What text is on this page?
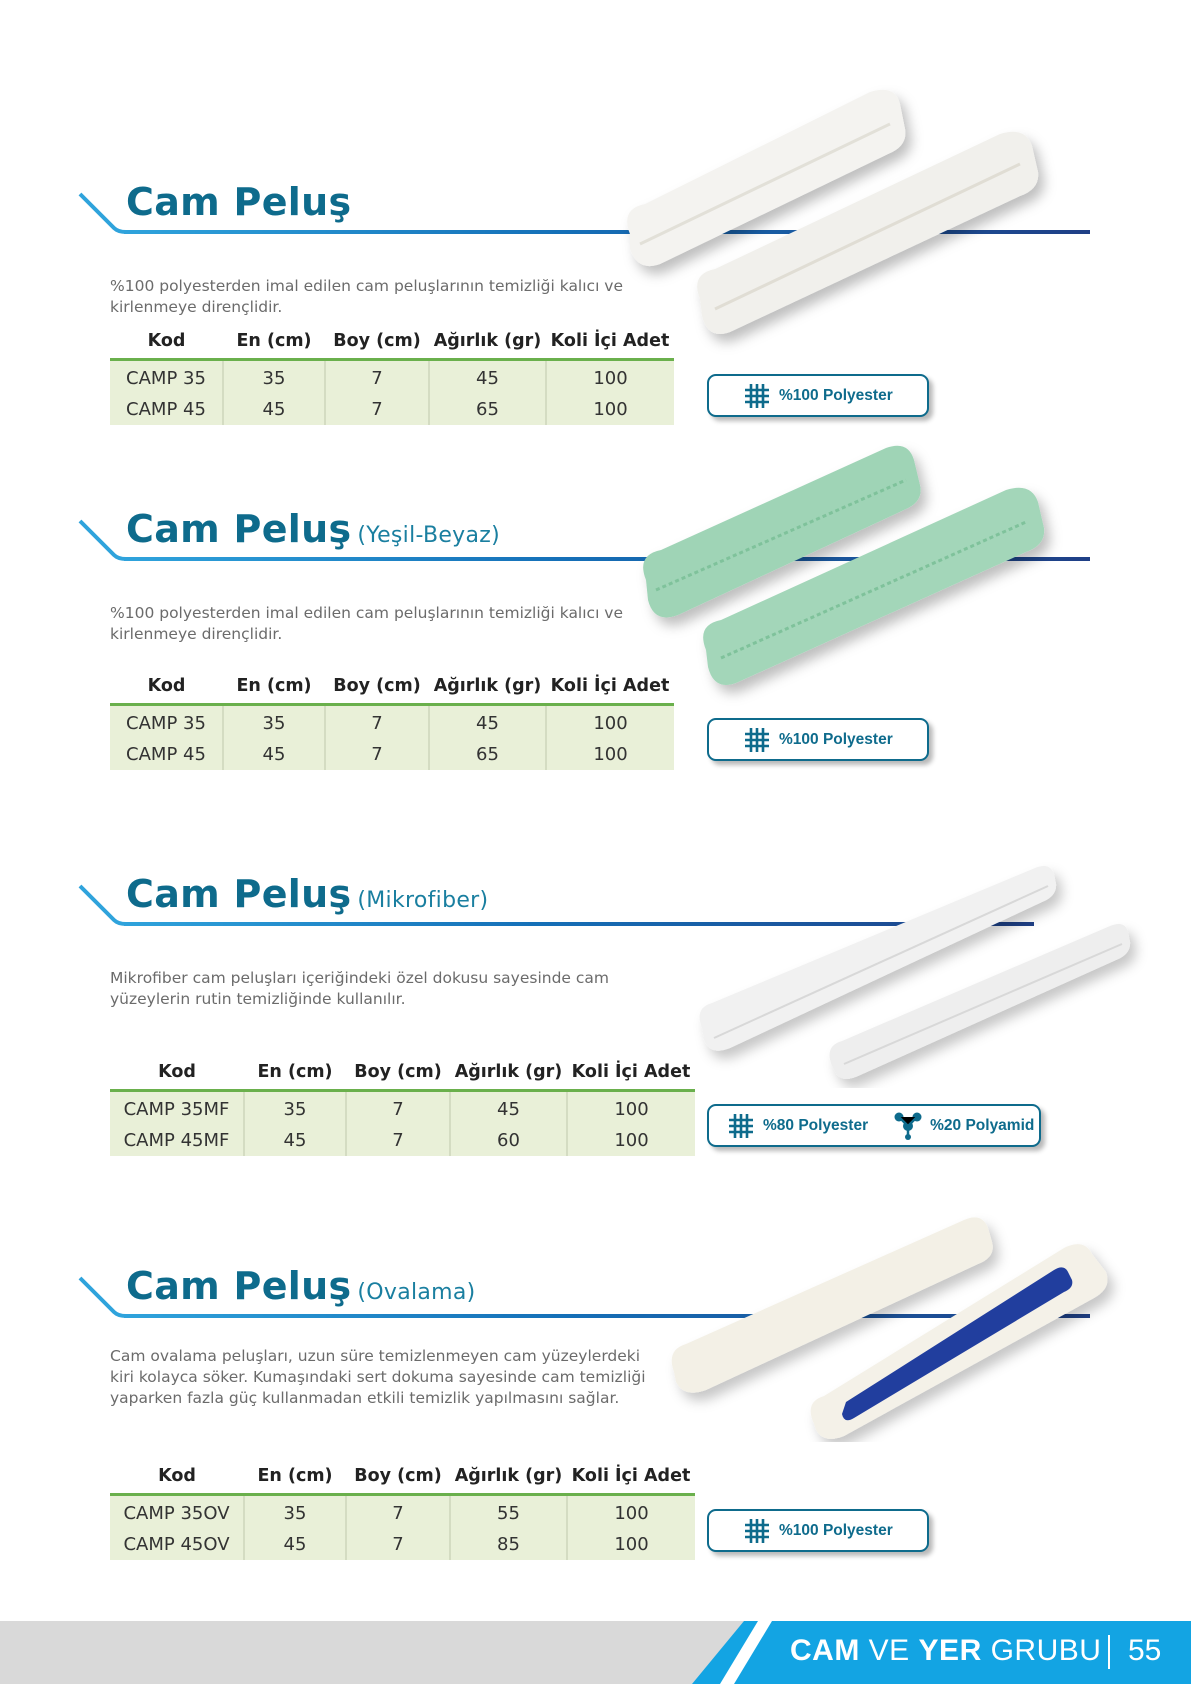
Cam Peluş

%100 polyesterden imal edilen cam peluşlarının temizliği kalıcı ve kirlenmeye dirençlidir.

Kod	En (cm)	Boy (cm)	Ağırlık (gr)	Koli İçi Adet
CAMP 35	35	7	45	100
CAMP 45	45	7	65	100
%100 Polyester
Cam Peluş (Yeşil-Beyaz)

%100 polyesterden imal edilen cam peluşlarının temizliği kalıcı ve kirlenmeye dirençlidir.

Kod	En (cm)	Boy (cm)	Ağırlık (gr)	Koli İçi Adet
CAMP 35	35	7	45	100
CAMP 45	45	7	65	100
%100 Polyester
Cam Peluş (Mikrofiber)

Mikrofiber cam peluşları içeriğindeki özel dokusu sayesinde cam yüzeylerin rutin temizliğinde kullanılır.

Kod	En (cm)	Boy (cm)	Ağırlık (gr)	Koli İçi Adet
CAMP 35MF	35	7	45	100
CAMP 45MF	45	7	60	100
%80 Polyester	%20 Polyamid
Cam Peluş (Ovalama)

Cam ovalama peluşları, uzun süre temizlenmeyen cam yüzeylerdeki kiri kolayca söker. Kumaşındaki sert dokuma sayesinde cam temizliği yaparken fazla güç kullanmadan etkili temizlik yapılmasını sağlar.

Kod	En (cm)	Boy (cm)	Ağırlık (gr)	Koli İçi Adet
CAMP 35OV	35	7	55	100
CAMP 45OV	45	7	85	100
%100 Polyester
CAM VE YER GRUBU 55
